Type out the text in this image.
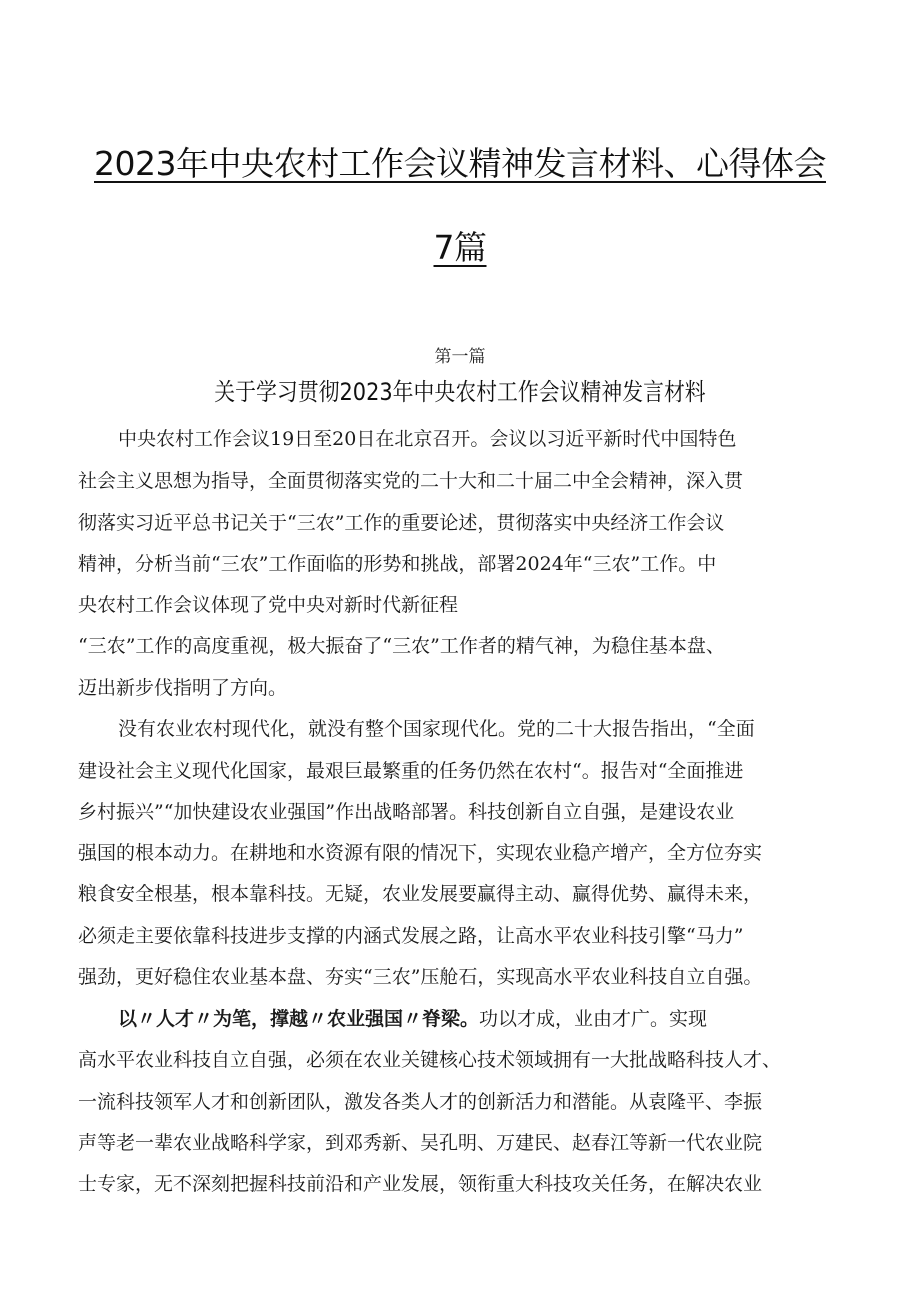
2023年中央农村工作会议精神发言材料、心得体会
7篇
第一篇
关于学习贯彻2023年中央农村工作会议精神发言材料
中央农村工作会议19日至20日在北京召开。会议以习近平新时代中国特色
社会主义思想为指导，全面贯彻落实党的二十大和二十届二中全会精神，深入贯
彻落实习近平总书记关于“三农”工作的重要论述，贯彻落实中央经济工作会议
精神，分析当前“三农”工作面临的形势和挑战，部署2024年“三农”工作。中
央农村工作会议体现了党中央对新时代新征程
“三农”工作的高度重视，极大振奋了“三农”工作者的精气神，为稳住基本盘、
迈出新步伐指明了方向。
没有农业农村现代化，就没有整个国家现代化。党的二十大报告指出，“全面
建设社会主义现代化国家，最艰巨最繁重的任务仍然在农村“。报告对“全面推进
乡村振兴”“加快建设农业强国”作出战略部署。科技创新自立自强，是建设农业
强国的根本动力。在耕地和水资源有限的情况下，实现农业稳产增产，全方位夯实
粮食安全根基，根本靠科技。无疑，农业发展要赢得主动、赢得优势、赢得未来，
必须走主要依靠科技进步支撑的内涵式发展之路，让高水平农业科技引擎“马力”
强劲，更好稳住农业基本盘、夯实“三农”压舱石，实现高水平农业科技自立自强。
以〃人才〃为笔，撑越〃农业强国〃脊梁。功以才成，业由才广。实现
高水平农业科技自立自强，必须在农业关键核心技术领域拥有一大批战略科技人才、
一流科技领军人才和创新团队，激发各类人才的创新活力和潜能。从袁隆平、李振
声等老一辈农业战略科学家，到邓秀新、吴孔明、万建民、赵春江等新一代农业院
士专家，无不深刻把握科技前沿和产业发展，领衔重大科技攻关任务，在解决农业
